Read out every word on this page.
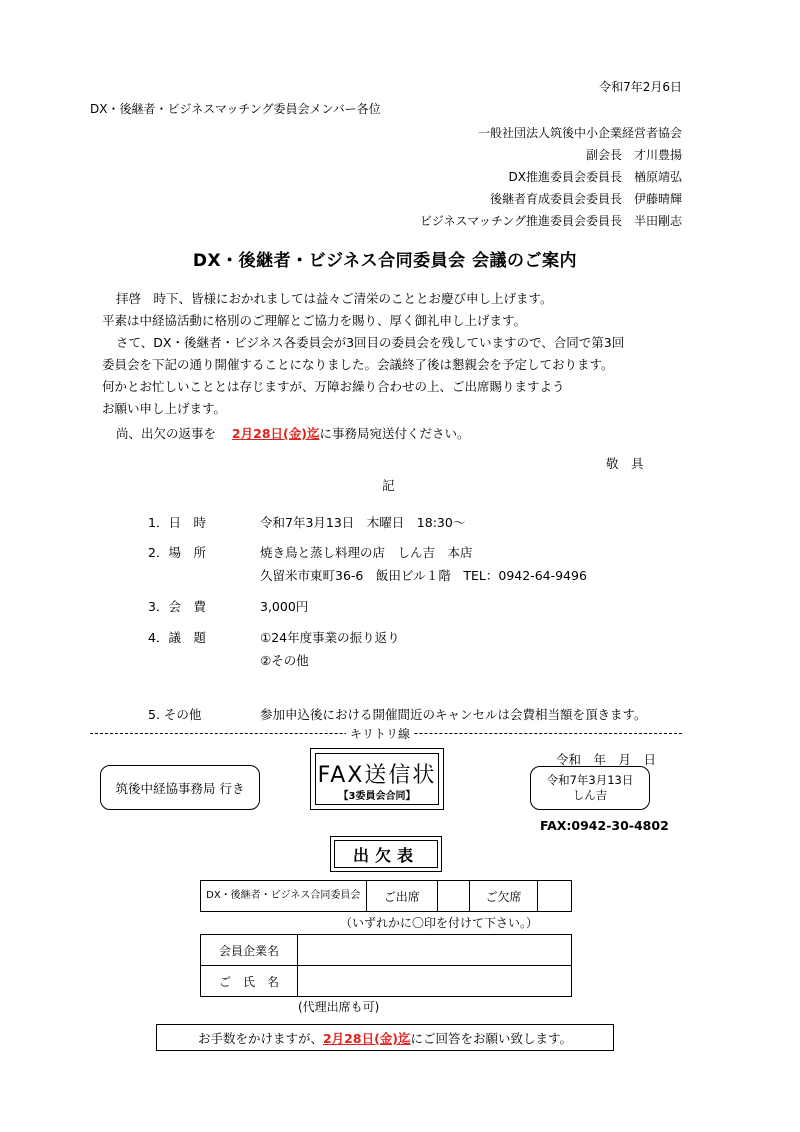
令和7年2月6日
DX・後継者・ビジネスマッチング委員会メンバー各位
一般社団法人筑後中小企業経営者協会
副会長　才川豊揚
DX推進委員会委員長　楢原靖弘
後継者育成委員会委員長　伊藤晴輝
ビジネスマッチング推進委員会委員長　半田剛志
DX・後継者・ビジネス合同委員会 会議のご案内
拝啓　時下、皆様におかれましては益々ご清栄のこととお慶び申し上げます。
平素は中経協活動に格別のご理解とご協力を賜り、厚く御礼申し上げます。
さて、DX・後継者・ビジネス各委員会が3回目の委員会を残していますので、合同で第3回
委員会を下記の通り開催することになりました。会議終了後は懇親会を予定しております。
何かとお忙しいこととは存じますが、万障お繰り合わせの上、ご出席賜りますよう
お願い申し上げます。
尚、出欠の返事を 2月28日(金)迄に事務局宛送付ください。
敬　具
記
1．日　時	令和7年3月13日　木曜日　18:30～
2．場　所	焼き鳥と蒸し料理の店　しん吉　本店
久留米市東町36-6　飯田ビル１階　TEL：0942-64-9496
3．会　費	3,000円
4．議　題	①24年度事業の振り返り
②その他
5. その他	参加申込後における開催間近のキャンセルは会費相当額を頂きます。
キリトリ線
筑後中経協事務局 行き	FAX送信状
【3委員会合同】
令和　年　月　日
令和7年3月13日
しん吉
FAX:0942-30-4802
出欠表
DX・後継者・ビジネス合同委員会	ご出席		ご欠席	
（いずれかに〇印を付けて下さい。）
会員企業名	
ご　氏　名	
(代理出席も可)
お手数をかけますが、 2月28日(金)迄 にご回答をお願い致します。
